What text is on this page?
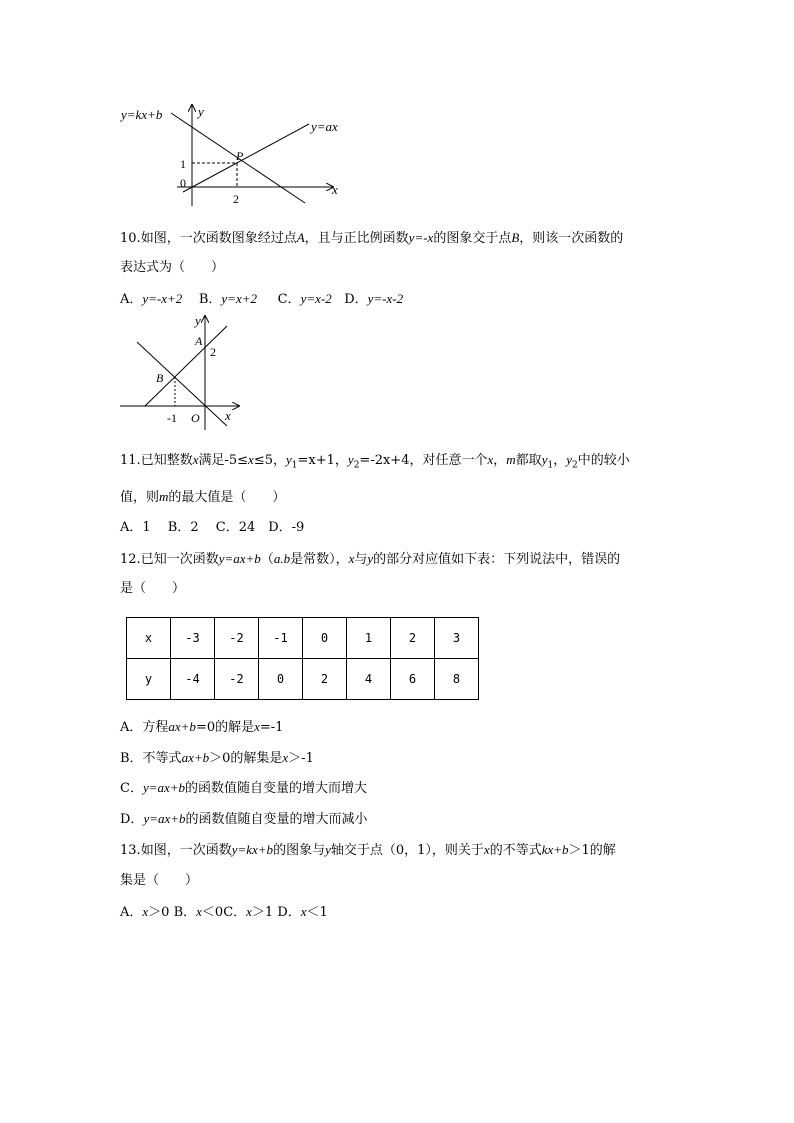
y=kx+b
y=ax
y
x
P
1
0
2
10.如图，一次函数图象经过点A，且与正比例函数y=-x的图象交于点B，则该一次函数的
表达式为（　　）
A．y=-x+2 B．y=x+2 C．y=x-2 D．y=-x-2
y
x
A
2
B
O
-1
11.已知整数x满足-5≤x≤5，$y_1=x+1$，$y_2=-2x+4$，对任意一个x，m都取$y_1$，$y_2$中的较小
值，则m的最大值是（　　）
A．1　 B．2　 C．24　D．-9
12.已知一次函数y=ax+b（a.b是常数），x与y的部分对应值如下表：下列说法中，错误的
是（　　）
x	-3	-2	-1	0	1	2	3
y	-4	-2	0	2	4	6	8
A．方程ax+b=0的解是x=-1
B．不等式ax+b＞0的解集是x＞-1
C．y=ax+b的函数值随自变量的增大而增大
D．y=ax+b的函数值随自变量的增大而减小
13.如图，一次函数y=kx+b的图象与y轴交于点（0，1），则关于x的不等式kx+b＞1的解
集是（　　）
A．x＞0 B．x＜0C．x＞1 D．x＜1
